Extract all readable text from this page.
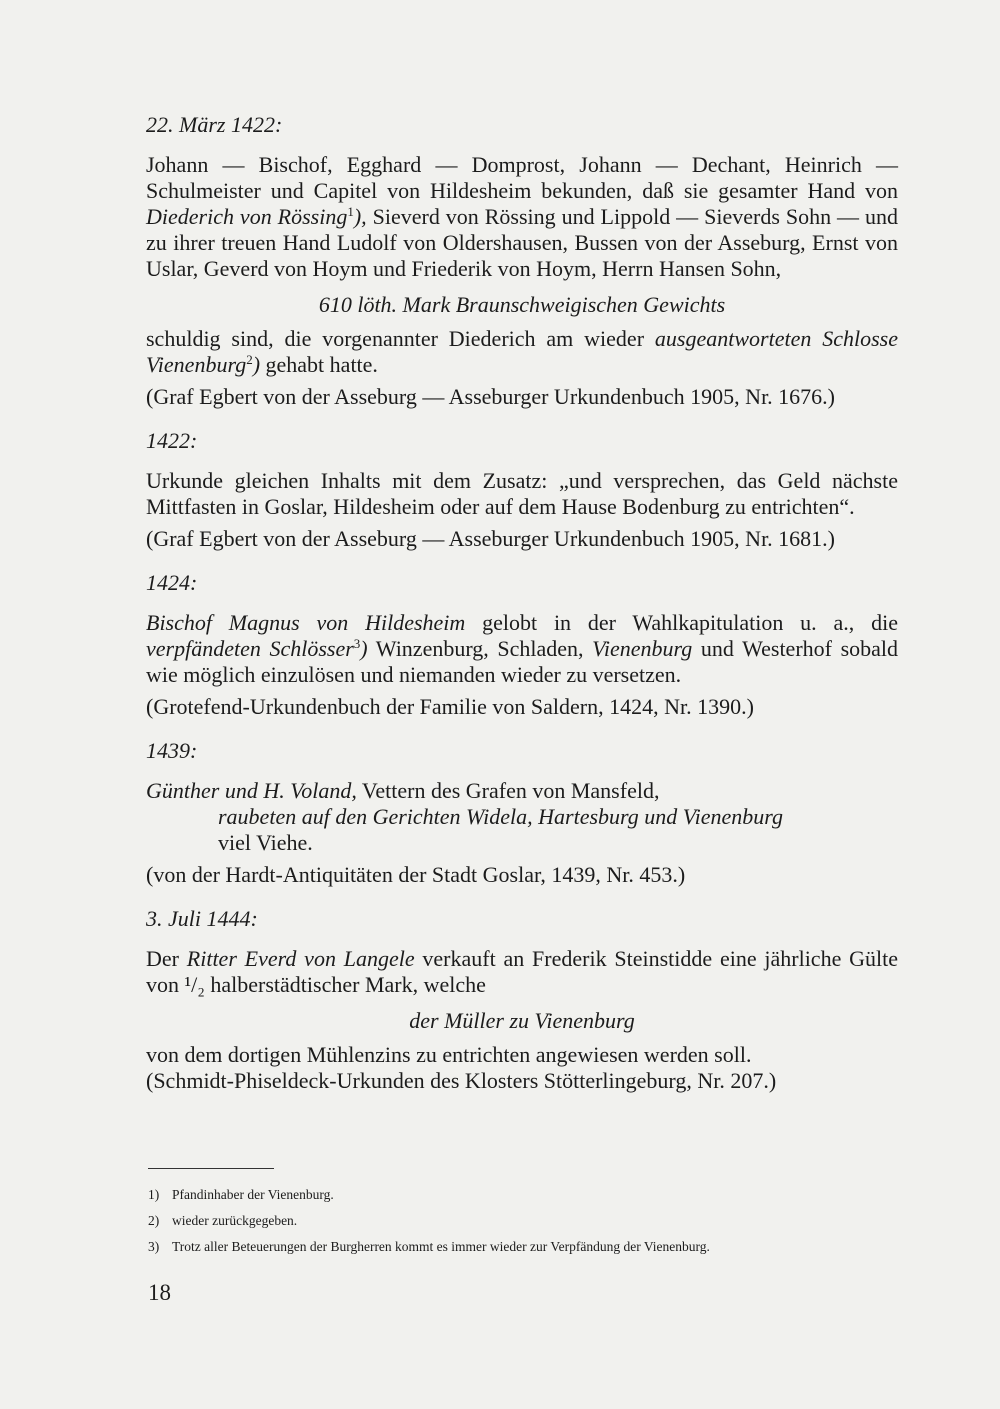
22. März 1422:
Johann — Bischof, Egghard — Domprost, Johann — Dechant, Heinrich — Schulmeister und Capitel von Hildesheim bekunden, daß sie gesamter Hand von Diederich von Rössing$^1$), Sieverd von Rössing und Lippold — Sieverds Sohn — und zu ihrer treuen Hand Ludolf von Oldershausen, Bussen von der Asseburg, Ernst von Uslar, Geverd von Hoym und Friederik von Hoym, Herrn Hansen Sohn,
610 löth. Mark Braunschweigischen Gewichts
schuldig sind, die vorgenannter Diederich am wieder ausgeantworteten Schlosse Vienenburg$^2$) gehabt hatte.
(Graf Egbert von der Asseburg — Asseburger Urkundenbuch 1905, Nr. 1676.)
1422:
Urkunde gleichen Inhalts mit dem Zusatz: „und versprechen, das Geld nächste Mittfasten in Goslar, Hildesheim oder auf dem Hause Bodenburg zu entrichten“.
(Graf Egbert von der Asseburg — Asseburger Urkundenbuch 1905, Nr. 1681.)
1424:
Bischof Magnus von Hildesheim gelobt in der Wahlkapitulation u. a., die verpfändeten Schlösser$^3$) Winzenburg, Schladen, Vienenburg und Westerhof sobald wie möglich einzulösen und niemanden wieder zu versetzen.
(Grotefend-Urkundenbuch der Familie von Saldern, 1424, Nr. 1390.)
1439:
Günther und H. Voland, Vettern des Grafen von Mansfeld,
raubeten auf den Gerichten Widela, Hartesburg und Vienenburg
viel Viehe.
(von der Hardt-Antiquitäten der Stadt Goslar, 1439, Nr. 453.)
3. Juli 1444:
Der Ritter Everd von Langele verkauft an Frederik Steinstidde eine jährliche Gülte von ¹/₂ halberstädtischer Mark, welche
der Müller zu Vienenburg
von dem dortigen Mühlenzins zu entrichten angewiesen werden soll.
(Schmidt-Phiseldeck-Urkunden des Klosters Stötterlingeburg, Nr. 207.)
1) Pfandinhaber der Vienenburg.
2) wieder zurückgegeben.
3) Trotz aller Beteuerungen der Burgherren kommt es immer wieder zur Verpfändung der Vienenburg.
18
